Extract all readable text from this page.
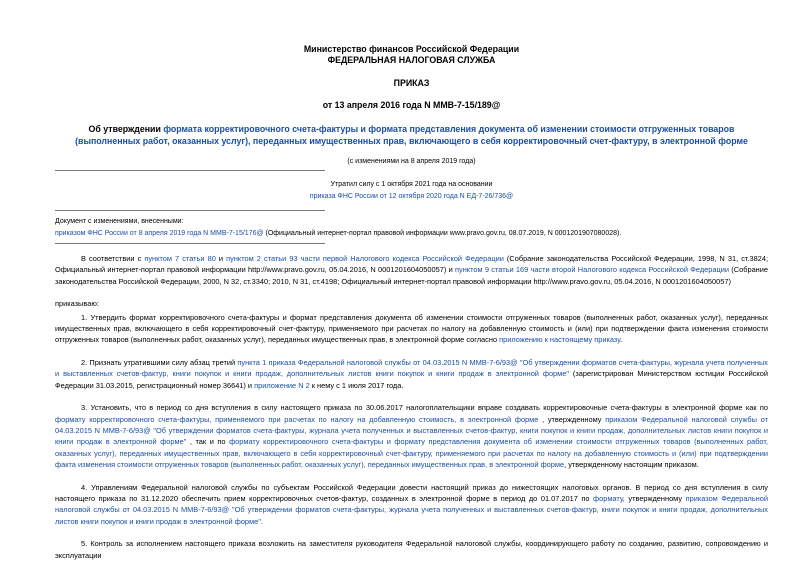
Министерство финансов Российской Федерации
ФЕДЕРАЛЬНАЯ НАЛОГОВАЯ СЛУЖБА
ПРИКАЗ
от 13 апреля 2016 года N ММВ-7-15/189@
Об утверждении формата корректировочного счета-фактуры и формата представления документа об изменении стоимости отгруженных товаров (выполненных работ, оказанных услуг), переданных имущественных прав, включающего в себя корректировочный счет-фактуру, в электронной форме
(с изменениями на 8 апреля 2019 года)
Утратил силу с 1 октября 2021 года на основании
приказа ФНС России от 12 октября 2020 года N ЕД-7-26/736@
Документ с изменениями, внесенными:
приказом ФНС России от 8 апреля 2019 года N ММВ-7-15/176@ (Официальный интернет-портал правовой информации www.pravo.gov.ru, 08.07.2019, N 0001201907080028).
В соответствии с пунктом 7 статьи 80 и пунктом 2 статьи 93 части первой Налогового кодекса Российской Федерации (Собрание законодательства Российской Федерации, 1998, N 31, ст.3824; Официальный интернет-портал правовой информации http://www.pravo.gov.ru, 05.04.2016, N 0001201604050057) и пунктом 9 статьи 169 части второй Налогового кодекса Российской Федерации (Собрание законодательства Российской Федерации, 2000, N 32, ст.3340; 2010, N 31, ст.4198; Официальный интернет-портал правовой информации http://www.pravo.gov.ru, 05.04.2016, N 0001201604050057)
приказываю:
1. Утвердить формат корректировочного счета-фактуры и формат представления документа об изменении стоимости отгруженных товаров (выполненных работ, оказанных услуг), переданных имущественных прав, включающего в себя корректировочный счет-фактуру, применяемого при расчетах по налогу на добавленную стоимость и (или) при подтверждении факта изменения стоимости отгруженных товаров (выполненных работ, оказанных услуг), переданных имущественных прав, в электронной форме согласно приложению к настоящему приказу.
2. Признать утратившими силу абзац третий пункта 1 приказа Федеральной налоговой службы от 04.03.2015 N ММВ-7-6/93@ "Об утверждении форматов счета-фактуры, журнала учета полученных и выставленных счетов-фактур, книги покупок и книги продаж, дополнительных листов книги покупок и книги продаж в электронной форме" (зарегистрирован Министерством юстиции Российской Федерации 31.03.2015, регистрационный номер 36641) и приложение N 2 к нему с 1 июля 2017 года.
3. Установить, что в период со дня вступления в силу настоящего приказа по 30.06.2017 налогоплательщики вправе создавать корректировочные счета-фактуры в электронной форме как по формату корректировочного счета-фактуры, применяемого при расчетах по налогу на добавленную стоимость, в электронной форме , утвержденному приказом Федеральной налоговой службы от 04.03.2015 N ММВ-7-6/93@ "Об утверждении форматов счета-фактуры, журнала учета полученных и выставленных счетов-фактур, книги покупок и книги продаж, дополнительных листов книги покупок и книги продаж в электронной форме" , так и по формату корректировочного счета-фактуры и формату представления документа об изменении стоимости отгруженных товаров (выполненных работ, оказанных услуг), переданных имущественных прав, включающего в себя корректировочный счет-фактуру, применяемого при расчетах по налогу на добавленную стоимость и (или) при подтверждении факта изменения стоимости отгруженных товаров (выполненных работ, оказанных услуг), переданных имущественных прав, в электронной форме, утвержденному настоящим приказом.
4. Управлениям Федеральной налоговой службы по субъектам Российской Федерации довести настоящий приказ до нижестоящих налоговых органов. В период со дня вступления в силу настоящего приказа по 31.12.2020 обеспечить прием корректировочных счетов-фактур, созданных в электронной форме в период до 01.07.2017 по формату, утвержденному приказом Федеральной налоговой службы от 04.03.2015 N ММВ-7-6/93@ "Об утверждении форматов счета-фактуры, журнала учета полученных и выставленных счетов-фактур, книги покупок и книги продаж, дополнительных листов книги покупок и книги продаж в электронной форме".
5. Контроль за исполнением настоящего приказа возложить на заместителя руководителя Федеральной налоговой службы, координирующего работу по созданию, развитию, сопровождению и эксплуатации
